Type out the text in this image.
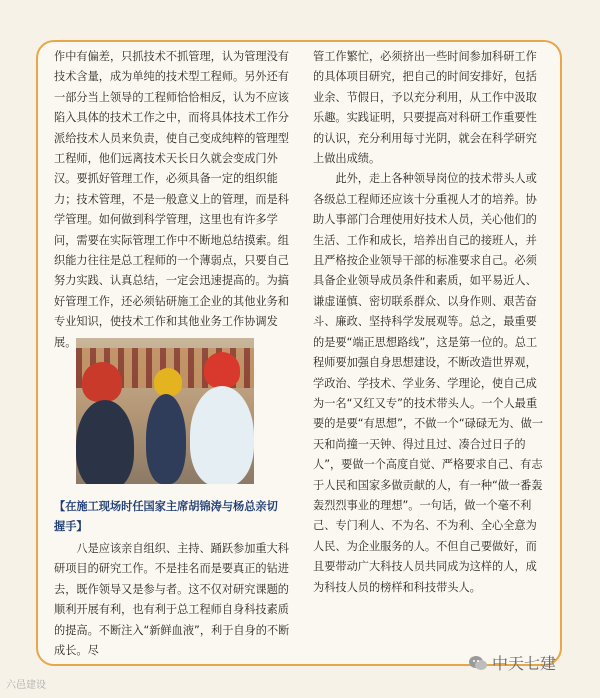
作中有偏差，只抓技术不抓管理，认为管理没有技术含量，成为单纯的技术型工程师。另外还有一部分当上领导的工程师恰恰相反，认为不应该陷入具体的技术工作之中，而将具体技术工作分派给技术人员来负责，使自己变成纯粹的管理型工程师，他们远离技术天长日久就会变成门外汉。要抓好管理工作，必须具备一定的组织能力；技术管理，不是一般意义上的管理，而是科学管理。如何做到科学管理，这里也有许多学问，需要在实际管理工作中不断地总结摸索。组织能力往往是总工程师的一个薄弱点，只要自己努力实践、认真总结，一定会迅速提高的。为搞好管理工作，还必须钻研施工企业的其他业务和专业知识，使技术工作和其他业务工作协调发展。

【在施工现场时任国家主席胡锦涛与杨总亲切握手】

八是应该亲自组织、主持、踊跃参加重大科研项目的研究工作。不是挂名而是要真正的钻进去，既作领导又是参与者。这不仅对研究课题的顺利开展有利，也有利于总工程师自身科技素质的提高。不断注入“新鲜血液”，利于自身的不断成长。尽

管工作繁忙，必须挤出一些时间参加科研工作的具体项目研究，把自己的时间安排好，包括业余、节假日，予以充分利用，从工作中汲取乐趣。实践证明，只要提高对科研工作重要性的认识，充分利用每寸光阴，就会在科学研究上做出成绩。

此外，走上各种领导岗位的技术带头人或各级总工程师还应该十分重视人才的培养。协助人事部门合理使用好技术人员，关心他们的生活、工作和成长，培养出自己的接班人，并且严格按企业领导干部的标准要求自己。必须具备企业领导成员条件和素质，如平易近人、谦虚谨慎、密切联系群众、以身作则、艰苦奋斗、廉政、坚持科学发展观等。总之，最重要的是要“端正思想路线”，这是第一位的。总工程师要加强自身思想建设，不断改造世界观，学政治、学技术、学业务、学理论，使自己成为一名“又红又专”的技术带头人。一个人最重要的是要“有思想”，不做一个“碌碌无为、做一天和尚撞一天钟、得过且过、凑合过日子的人”，要做一个高度自觉、严格要求自己、有志于人民和国家多做贡献的人，有一种“做一番轰轰烈烈事业的理想”。一句话，做一个毫不利己、专门利人、不为名、不为利、全心全意为人民、为企业服务的人。不但自己要做好，而且要带动广大科技人员共同成为这样的人，成为科技人员的榜样和科技带头人。

六邑建设
中天七建
